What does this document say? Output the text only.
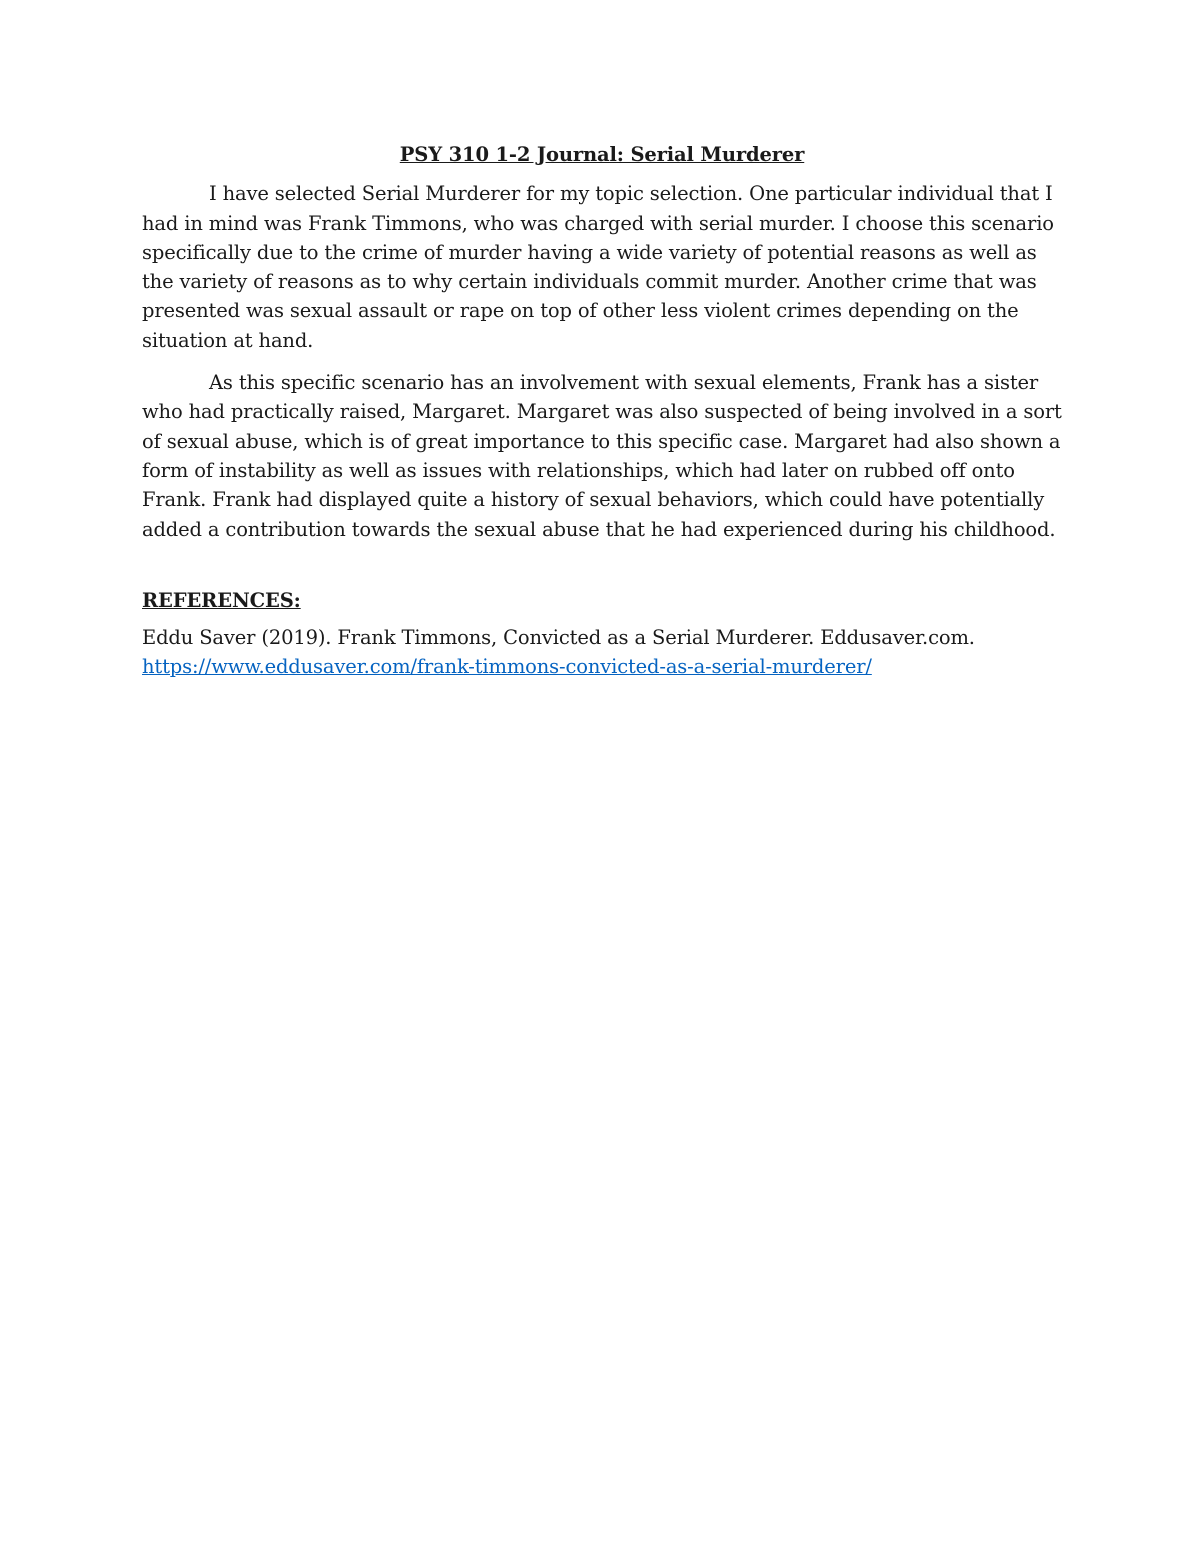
PSY 310 1-2 Journal: Serial Murderer

I have selected Serial Murderer for my topic selection. One particular individual that I had in mind was Frank Timmons, who was charged with serial murder. I choose this scenario specifically due to the crime of murder having a wide variety of potential reasons as well as the variety of reasons as to why certain individuals commit murder. Another crime that was presented was sexual assault or rape on top of other less violent crimes depending on the situation at hand.

As this specific scenario has an involvement with sexual elements, Frank has a sister who had practically raised, Margaret. Margaret was also suspected of being involved in a sort of sexual abuse, which is of great importance to this specific case. Margaret had also shown a form of instability as well as issues with relationships, which had later on rubbed off onto Frank. Frank had displayed quite a history of sexual behaviors, which could have potentially added a contribution towards the sexual abuse that he had experienced during his childhood.

REFERENCES:
Eddu Saver (2019). Frank Timmons, Convicted as a Serial Murderer. Eddusaver.com.
https://www.eddusaver.com/frank-timmons-convicted-as-a-serial-murderer/
